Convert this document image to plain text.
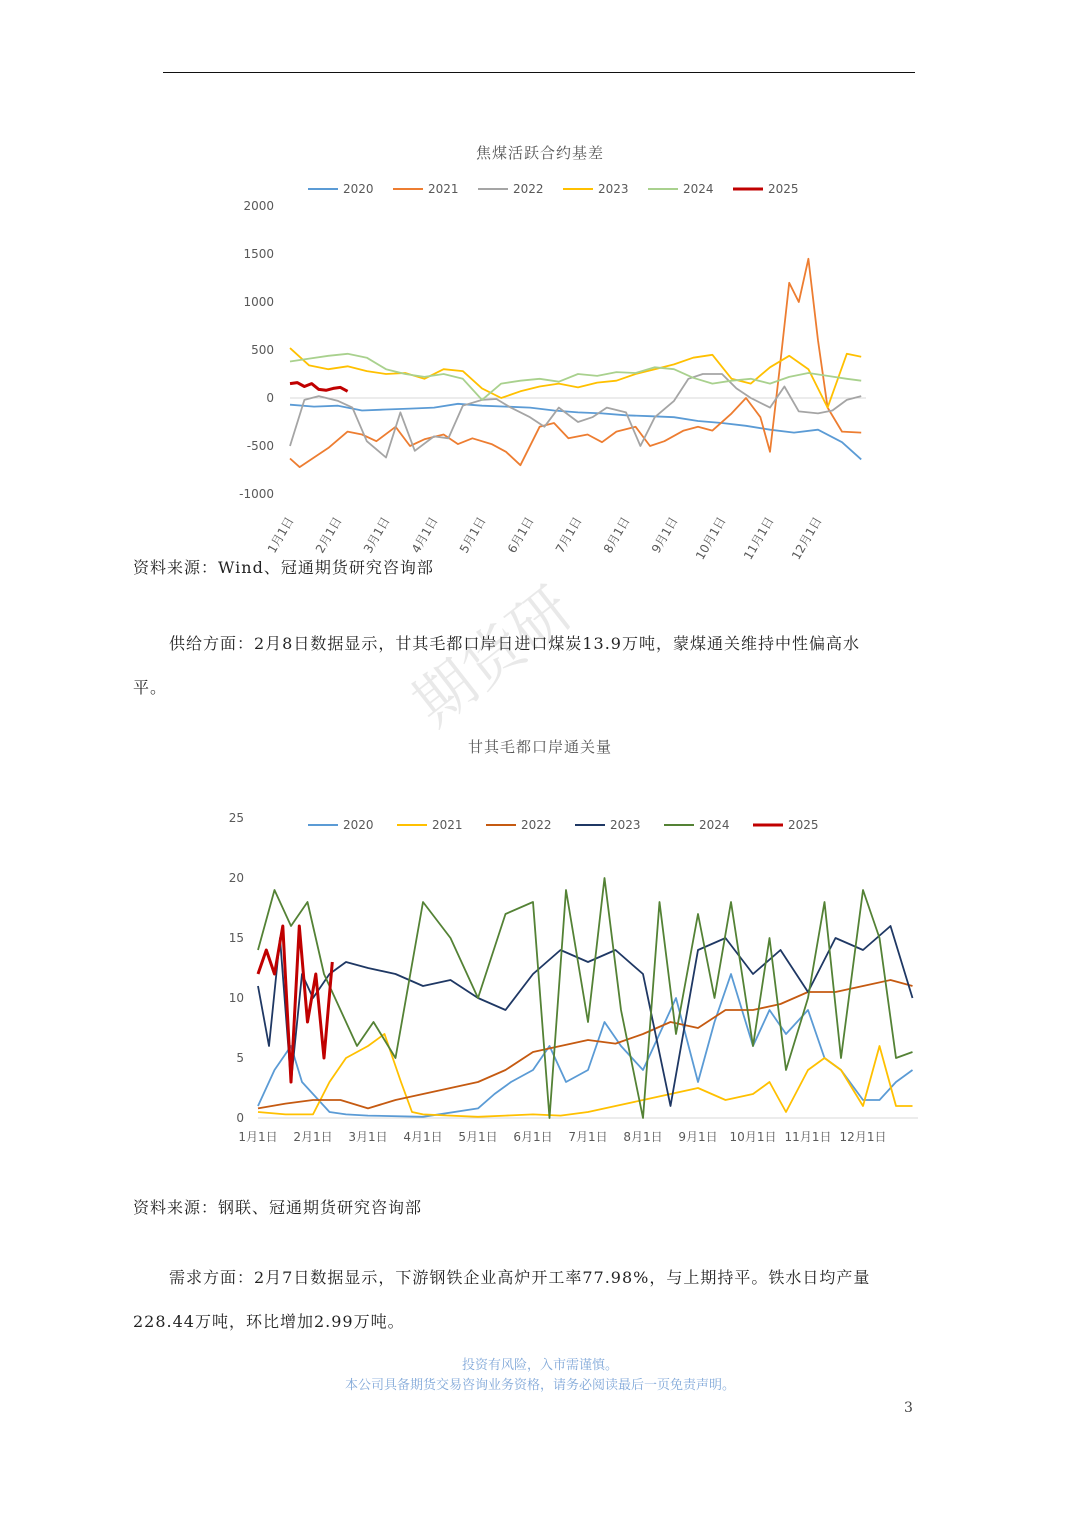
期货研
焦煤活跃合约基差
2020	2021	2022	2023	2024	2025
-1000
-500
0
500
1000
1500
2000
1月1日 2月1日 3月1日 4月1日 5月1日 6月1日 7月1日 8月1日 9月1日 10月1日 11月1日 12月1日
资料来源：Wind、冠通期货研究咨询部

供给方面：2月8日数据显示，甘其毛都口岸日进口煤炭13.9万吨，蒙煤通关维持中性偏高水平。

甘其毛都口岸通关量
2020	2021	2022	2023	2024	2025
0
5
10
15
20
25
1月1日 2月1日 3月1日 4月1日 5月1日 6月1日 7月1日 8月1日 9月1日 10月1日 11月1日 12月1日
资料来源：钢联、冠通期货研究咨询部

需求方面：2月7日数据显示，下游钢铁企业高炉开工率77.98%，与上期持平。铁水日均产量228.44万吨，环比增加2.99万吨。

投资有风险，入市需谨慎。
本公司具备期货交易咨询业务资格，请务必阅读最后一页免责声明。
3
